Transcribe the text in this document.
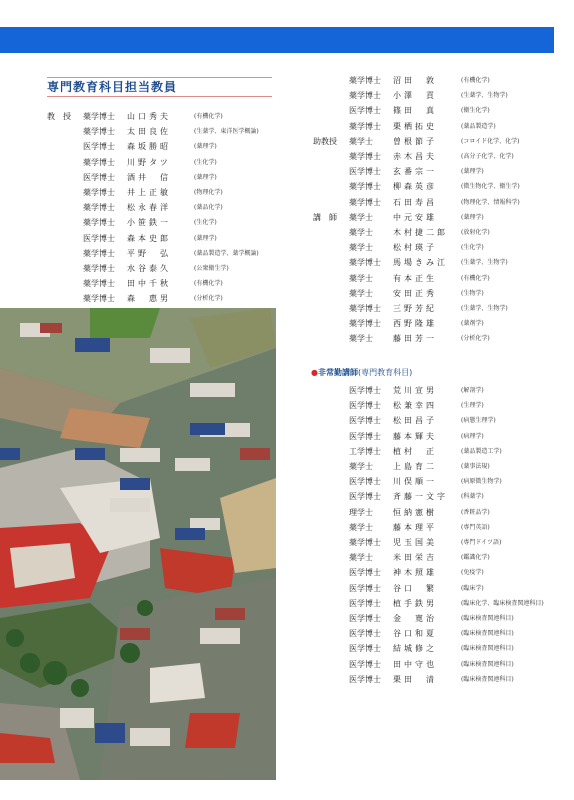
専門教育科目担当教員
教　授	薬学博士	山口秀夫	(有機化学)
薬学博士	太田良佐	(生薬学、東洋医学概論)
医学博士	森坂勝昭	(薬理学)
薬学博士	川野タツ	(生化学)
医学博士	酒井　信	(薬理学)
薬学博士	井上正敏	(物理化学)
薬学博士	松永春洋	(薬品化学)
薬学博士	小笹鉄一	(生化学)
医学博士	森本史郎	(薬理学)
薬学博士	平野　弘	(薬品製造学、薬学概論)
薬学博士	水谷泰久	(公衆衛生学)
薬学博士	田中千秋	(有機化学)
薬学博士	森　惠男	(分析化学)
薬学博士	沼田　敦	(有機化学)
薬学博士	小澤　貢	(生薬学、生物学)
医学博士	篠田　真	(衛生化学)
薬学博士	栗栖拓史	(薬品製造学)
助教授	薬学士	曽根節子	(コロイド化学、化学)
薬学博士	赤木昌夫	(高分子化学、化学)
医学博士	玄番宗一	(薬理学)
薬学博士	柳森英彦	(微生物化学、衛生学)
薬学博士	石田寿昌	(物理化学、情報科学)
講　師	薬学士	中元安雄	(薬理学)
薬学士	木村捷二郎	(放射化学)
薬学士	松村瑛子	(生化学)
薬学博士	馬場きみ江	(生薬学、生物学)
薬学士	有本正生	(有機化学)
薬学士	安田正秀	(生物学)
薬学博士	三野芳紀	(生薬学、生物学)
薬学博士	西野隆雄	(薬剤学)
薬学士	藤田芳一	(分析化学)
●非常勤講師(専門教育科目)
医学博士	荒川宣男	(解剖学)
医学博士	松兼幸四	(生理学)
医学博士	松田昌子	(病態生理学)
医学博士	藤本輝夫	(病理学)
工学博士	植村　正	(薬品製造工学)
薬学士	上島育二	(薬事法規)
医学博士	川俣順一	(病原微生物学)
医学博士	斉藤一文字	(科薬学)
理学士	恒納憲樹	(香粧品学)
薬学士	藤本理平	(専門英語)
薬学博士	児玉国美	(専門ドイツ語)
薬学士	米田栄吉	(鑑識化学)
医学博士	神木照雄	(免疫学)
医学博士	谷口　繁	(臨床学)
医学博士	植手鉄男	(臨床化学、臨床検査関連科目)
医学博士	金　寛治	(臨床検査関連科目)
医学博士	谷口和夏	(臨床検査関連科目)
医学博士	結城修之	(臨床検査関連科目)
医学博士	田中守也	(臨床検査関連科目)
医学博士	栗田　清	(臨床検査関連科目)
